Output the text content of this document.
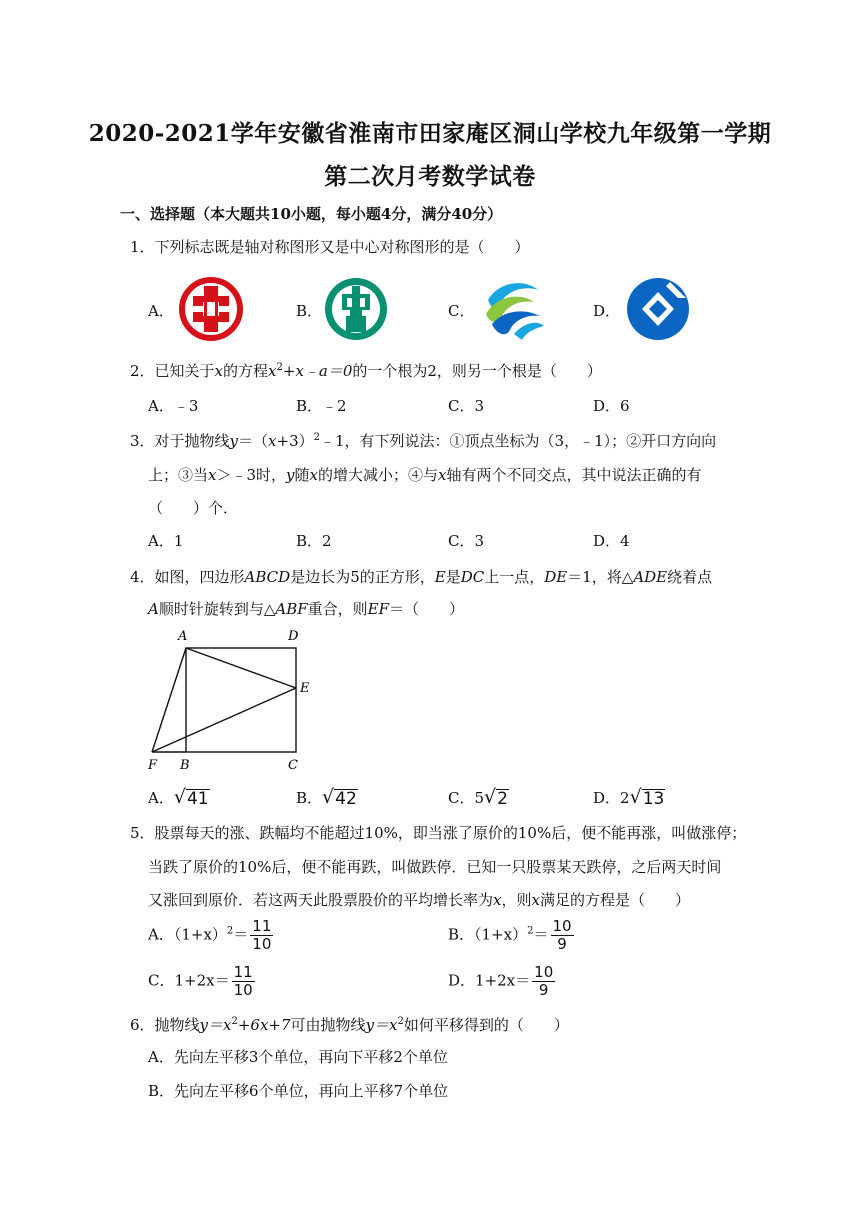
2020-2021学年安徽省淮南市田家庵区洞山学校九年级第一学期
第二次月考数学试卷
一、选择题（本大题共10小题，每小题4分，满分40分）
1．下列标志既是轴对称图形又是中心对称图形的是（　　）
A．	B．	C．	D．
2．已知关于x的方程$x^2+x﹣a=0$的一个根为2，则另一个根是（　　）
A．﹣3	B．﹣2	C．3	D．6
3．对于抛物线$y=(x+3)^2﹣1$，有下列说法：①顶点坐标为（3，﹣1）；②开口方向向
上；③当x＞﹣3时，y随x的增大减小；④与x轴有两个不同交点，其中说法正确的有
（　　）个．
A．1	B．2	C．3	D．4
4．如图，四边形ABCD是边长为5的正方形，E是DC上一点，DE＝1，将△ADE绕着点
A顺时针旋转到与△ABF重合，则EF＝（　　）
A	D
E
F B	C
A． √ 41	B． √ 42	C．5 √ 2	D．2 √ 13
5．股票每天的涨、跌幅均不能超过10%，即当涨了原价的10%后，便不能再涨，叫做涨停；
当跌了原价的10%后，便不能再跌，叫做跌停．已知一只股票某天跌停，之后两天时间
又涨回到原价．若这两天此股票股价的平均增长率为x，则x满足的方程是（　　）
A．$(1+x)^2= \frac{11}{10}$	B．$(1+x)^2= \frac{10}{9}$
C．$1+2x= \frac{11}{10}$	D．$1+2x= \frac{10}{9}$
6．抛物线$y=x^2+6x+7$可由抛物线$y=x^2$如何平移得到的（　　）
A．先向左平移3个单位，再向下平移2个单位
B．先向左平移6个单位，再向上平移7个单位
